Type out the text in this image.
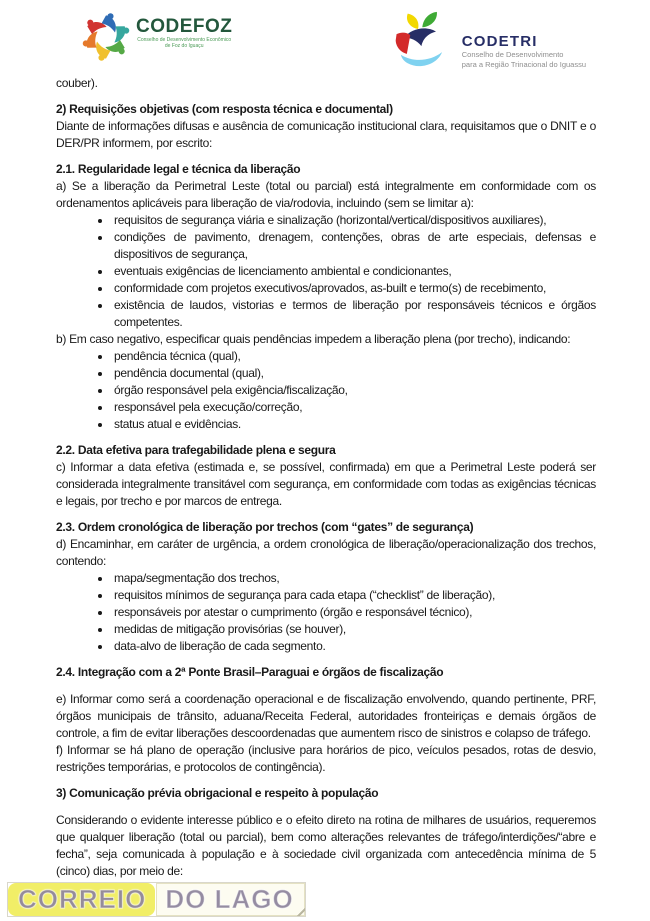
CODEFOZ
Conselho de Desenvolvimento Econômico
de Foz do Iguaçu	CODETRI
Conselho de Desenvolvimento
para a Região Trinacional do Iguassu

couber).

2) Requisições objetivas (com resposta técnica e documental)

Diante de informações difusas e ausência de comunicação institucional clara, requisitamos que o DNIT e o DER/PR informem, por escrito:

2.1. Regularidade legal e técnica da liberação

a) Se a liberação da Perimetral Leste (total ou parcial) está integralmente em conformidade com os ordenamentos aplicáveis para liberação de via/rodovia, incluindo (sem se limitar a):

• requisitos de segurança viária e sinalização (horizontal/vertical/dispositivos auxiliares),
• condições de pavimento, drenagem, contenções, obras de arte especiais, defensas e dispositivos de segurança,
• eventuais exigências de licenciamento ambiental e condicionantes,
• conformidade com projetos executivos/aprovados, as-built e termo(s) de recebimento,
• existência de laudos, vistorias e termos de liberação por responsáveis técnicos e órgãos competentes.

b) Em caso negativo, especificar quais pendências impedem a liberação plena (por trecho), indicando:

• pendência técnica (qual),
• pendência documental (qual),
• órgão responsável pela exigência/fiscalização,
• responsável pela execução/correção,
• status atual e evidências.

2.2. Data efetiva para trafegabilidade plena e segura

c) Informar a data efetiva (estimada e, se possível, confirmada) em que a Perimetral Leste poderá ser considerada integralmente transitável com segurança, em conformidade com todas as exigências técnicas e legais, por trecho e por marcos de entrega.

2.3. Ordem cronológica de liberação por trechos (com “gates” de segurança)

d) Encaminhar, em caráter de urgência, a ordem cronológica de liberação/operacionalização dos trechos, contendo:

• mapa/segmentação dos trechos,
• requisitos mínimos de segurança para cada etapa (“checklist” de liberação),
• responsáveis por atestar o cumprimento (órgão e responsável técnico),
• medidas de mitigação provisórias (se houver),
• data-alvo de liberação de cada segmento.

2.4. Integração com a 2ª Ponte Brasil–Paraguai e órgãos de fiscalização

e) Informar como será a coordenação operacional e de fiscalização envolvendo, quando pertinente, PRF, órgãos municipais de trânsito, aduana/Receita Federal, autoridades fronteiriças e demais órgãos de controle, a fim de evitar liberações descoordenadas que aumentem risco de sinistros e colapso de tráfego.

f) Informar se há plano de operação (inclusive para horários de pico, veículos pesados, rotas de desvio, restrições temporárias, e protocolos de contingência).

3) Comunicação prévia obrigacional e respeito à população

Considerando o evidente interesse público e o efeito direto na rotina de milhares de usuários, requeremos que qualquer liberação (total ou parcial), bem como alterações relevantes de tráfego/interdições/“abre e fecha”, seja comunicada à população e à sociedade civil organizada com antecedência mínima de 5 (cinco) dias, por meio de:

CORREIO DO LAGO
